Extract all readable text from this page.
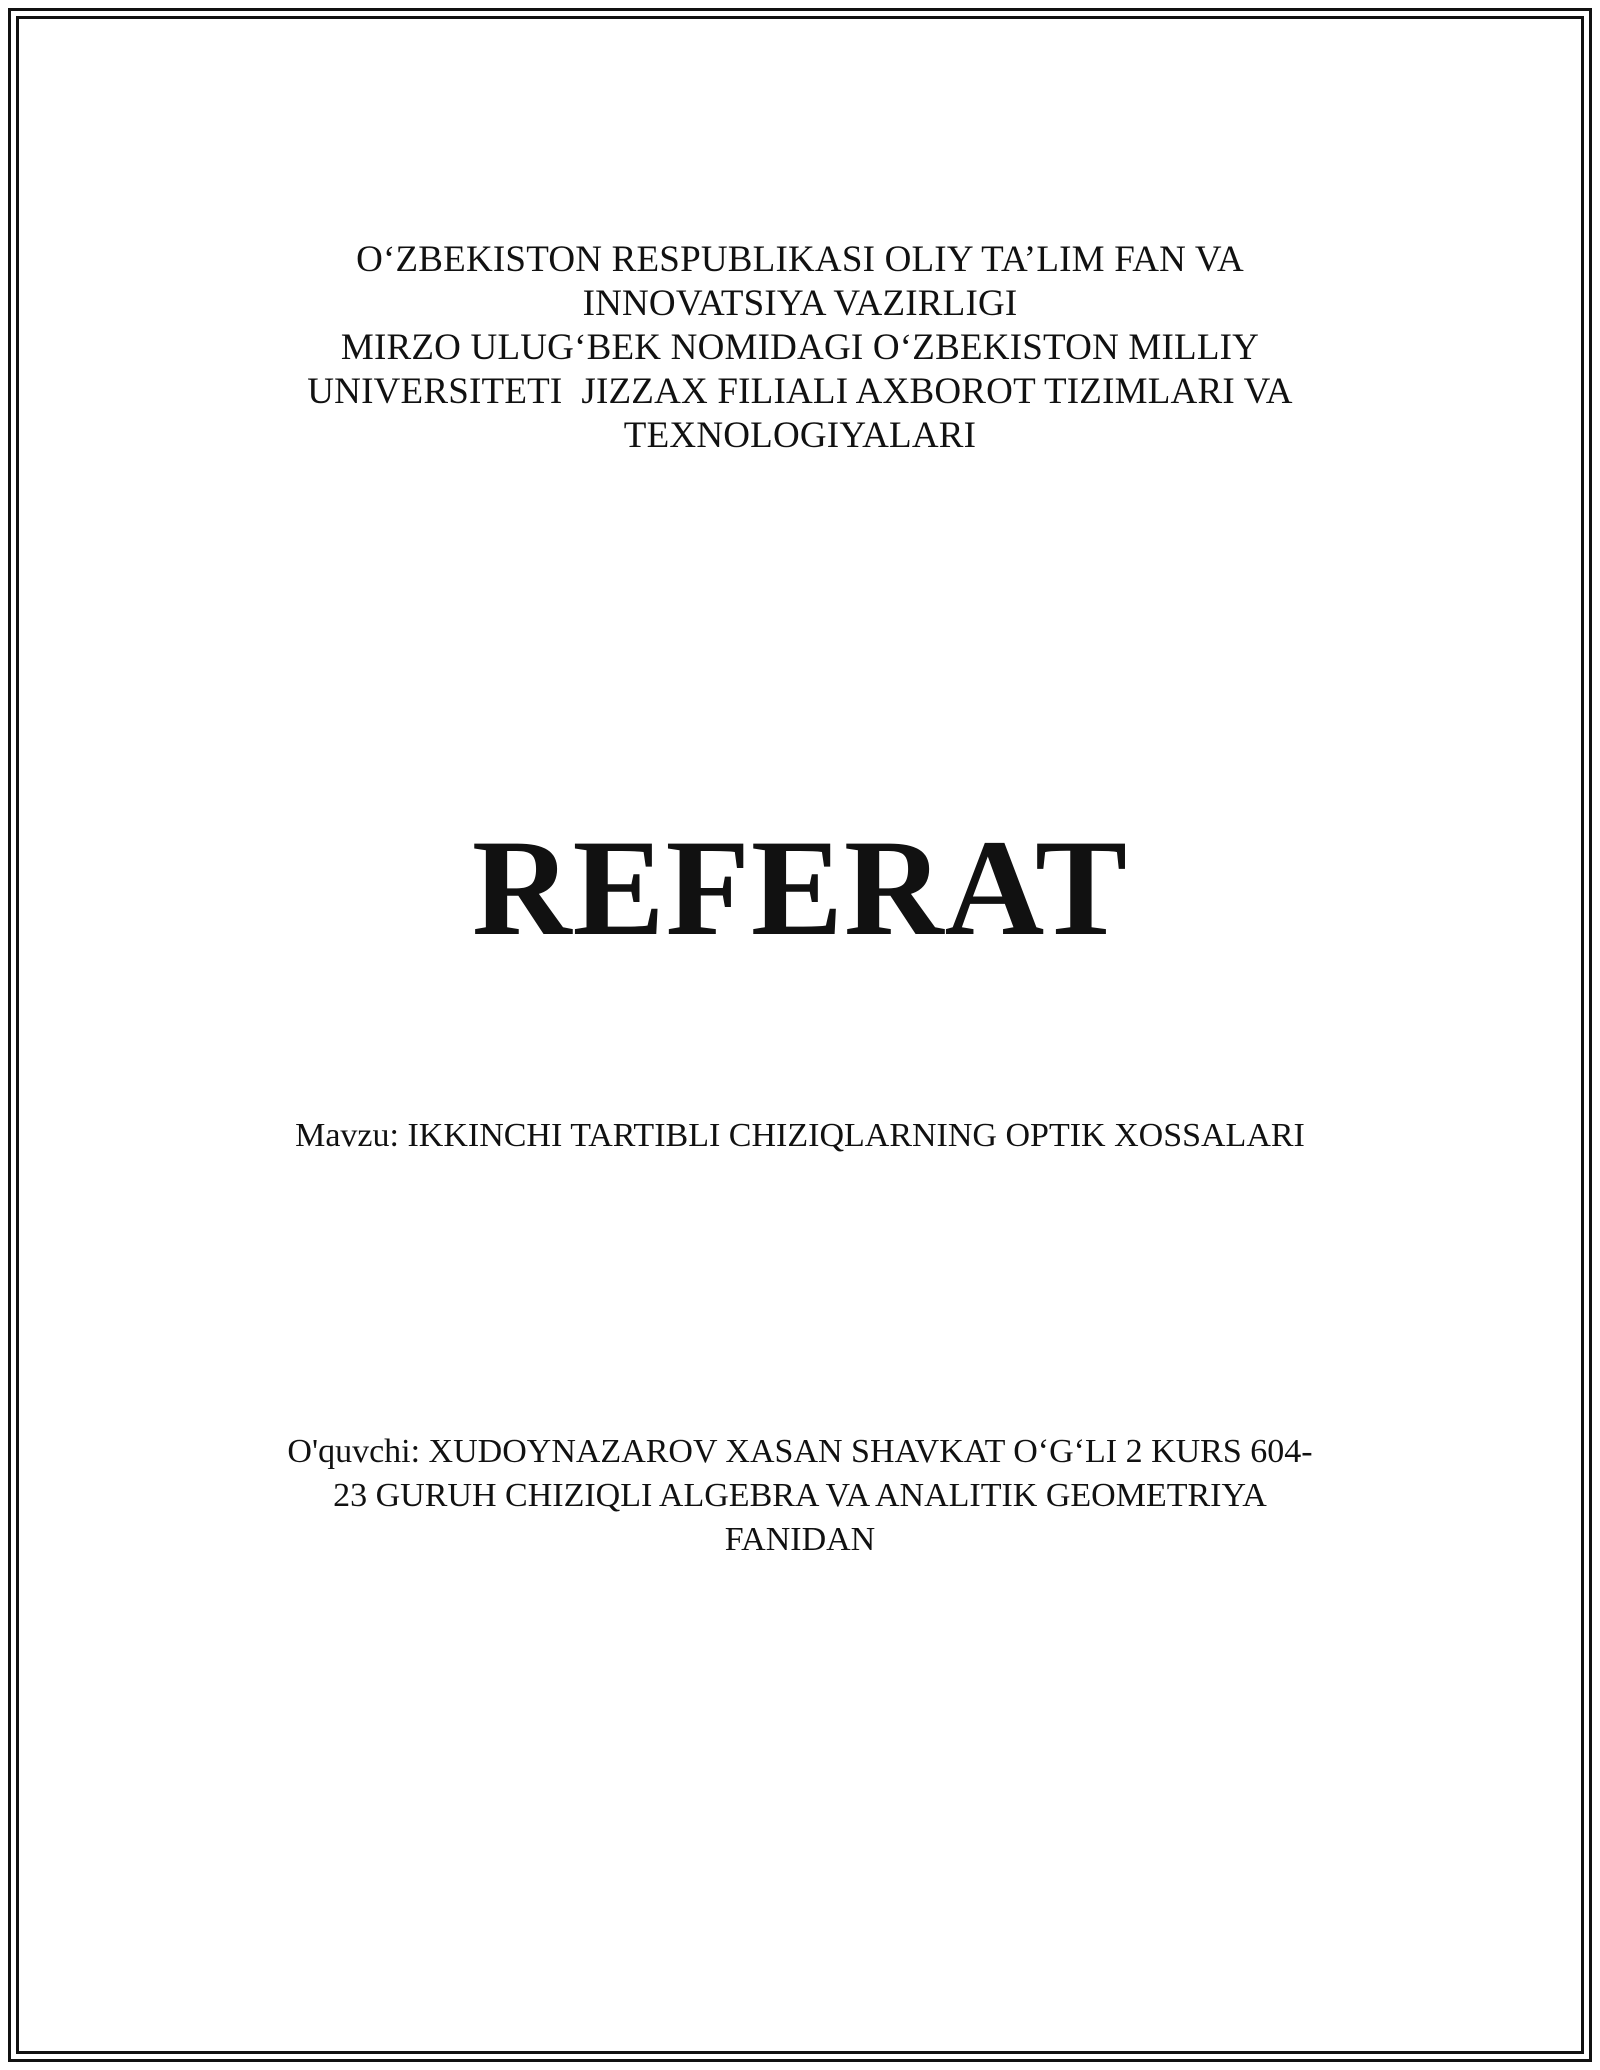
O‘ZBEKISTON RESPUBLIKASI OLIY TA’LIM FAN VA
INNOVATSIYA VAZIRLIGI
MIRZO ULUG‘BEK NOMIDAGI O‘ZBEKISTON MILLIY
UNIVERSITETI  JIZZAX FILIALI AXBOROT TIZIMLARI VA
TEXNOLOGIYALARI
REFERAT
Mavzu: IKKINCHI TARTIBLI CHIZIQLARNING OPTIK XOSSALARI
O'quvchi: XUDOYNAZAROV XASAN SHAVKAT O‘G‘LI 2 KURS 604-
23 GURUH CHIZIQLI ALGEBRA VA ANALITIK GEOMETRIYA
FANIDAN
